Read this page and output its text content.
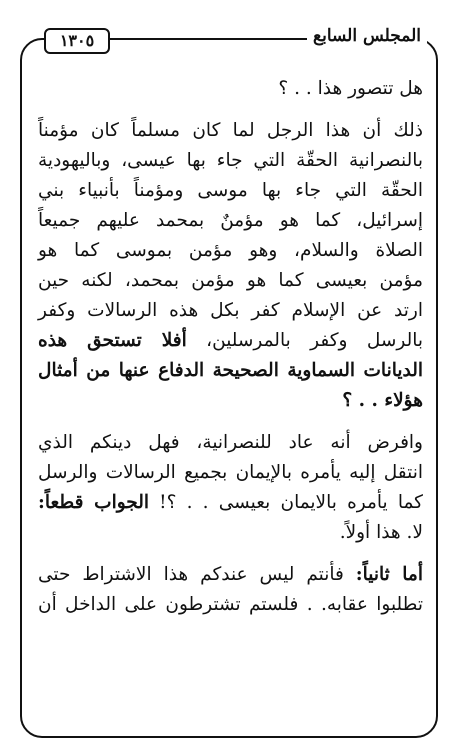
١٣٠٥	المجلس السابع

هل تتصور هذا . . ؟

ذلك أن هذا الرجل لما كان مسلماً كان مؤمناً
بالنصرانية الحقّة التي جاء بها عيسى، وباليهودية
الحقّة التي جاء بها موسى ومؤمناً بأنبياء بني
إسرائيل، كما هو مؤمنٌ بمحمد عليهم جميعاً
الصلاة والسلام، وهو مؤمن بموسى كما هو
مؤمن بعيسى كما هو مؤمن بمحمد، لكنه حين
ارتد عن الإسلام كفر بكل هذه الرسالات وكفر
بالرسل وكفر بالمرسلين، أفلا تستحق هذه
الديانات السماوية الصحيحة الدفاع عنها من أمثال
هؤلاء . . ؟

وافرض أنه عاد للنصرانية، فهل دينكم الذي
انتقل إليه يأمره بالإيمان بجميع الرسالات والرسل
كما يأمره بالايمان بعيسى . . ؟! الجواب قطعاً:
لا. هذا أولاً.

أما ثانياً: فأنتم ليس عندكم هذا الاشتراط حتى
تطلبوا عقابه. . فلستم تشترطون على الداخل أن
